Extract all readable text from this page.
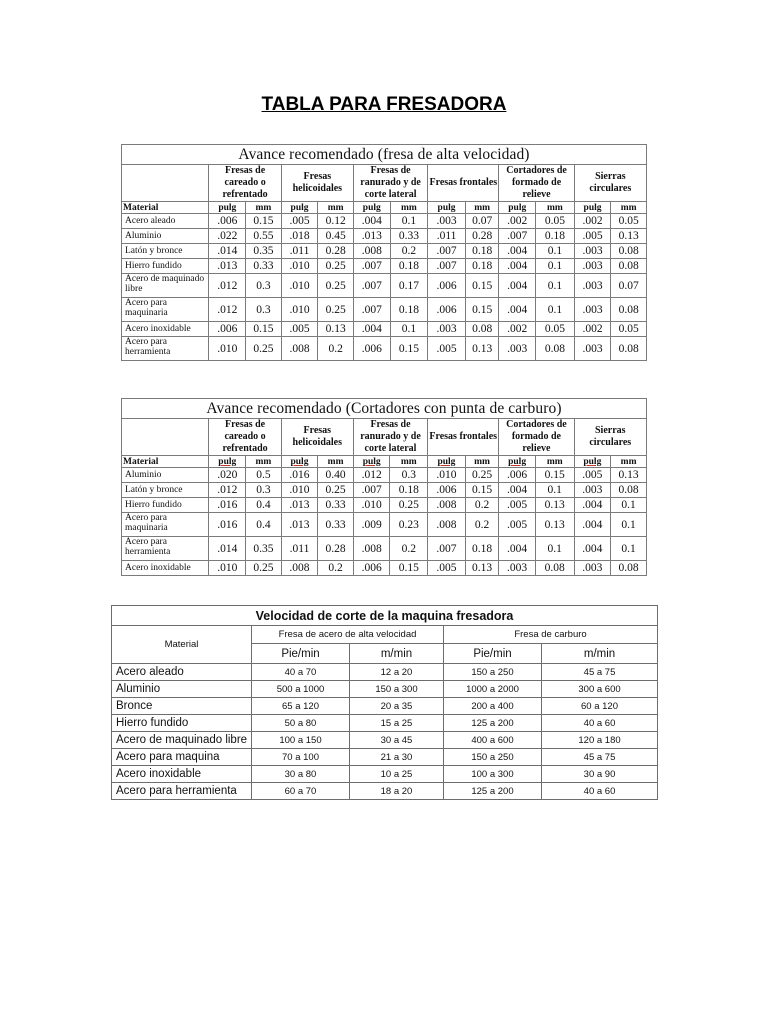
TABLA PARA FRESADORA
Avance recomendado (fresa de alta velocidad)												
	Fresas de careado o refrentado		Fresas helicoidales		Fresas de ranurado y de corte lateral		Fresas frontales		Cortadores de formado de relieve		Sierras circulares	
Material	pulg	mm	pulg	mm	pulg	mm	pulg	mm	pulg	mm	pulg	mm
Acero aleado	.006	0.15	.005	0.12	.004	0.1	.003	0.07	.002	0.05	.002	0.05
Aluminio	.022	0.55	.018	0.45	.013	0.33	.011	0.28	.007	0.18	.005	0.13
Latón y bronce	.014	0.35	.011	0.28	.008	0.2	.007	0.18	.004	0.1	.003	0.08
Hierro fundido	.013	0.33	.010	0.25	.007	0.18	.007	0.18	.004	0.1	.003	0.08
Acero de maquinado libre	.012	0.3	.010	0.25	.007	0.17	.006	0.15	.004	0.1	.003	0.07
Acero para maquinaria	.012	0.3	.010	0.25	.007	0.18	.006	0.15	.004	0.1	.003	0.08
Acero inoxidable	.006	0.15	.005	0.13	.004	0.1	.003	0.08	.002	0.05	.002	0.05
Acero para herramienta	.010	0.25	.008	0.2	.006	0.15	.005	0.13	.003	0.08	.003	0.08
Avance recomendado (Cortadores con punta de carburo)												
	Fresas de careado o refrentado		Fresas helicoidales		Fresas de ranurado y de corte lateral		Fresas frontales		Cortadores de formado de relieve		Sierras circulares	
Material	pulg	mm	pulg	mm	pulg	mm	pulg	mm	pulg	mm	pulg	mm
Aluminio	.020	0.5	.016	0.40	.012	0.3	.010	0.25	.006	0.15	.005	0.13
Latón y bronce	.012	0.3	.010	0.25	.007	0.18	.006	0.15	.004	0.1	.003	0.08
Hierro fundido	.016	0.4	.013	0.33	.010	0.25	.008	0.2	.005	0.13	.004	0.1
Acero para maquinaria	.016	0.4	.013	0.33	.009	0.23	.008	0.2	.005	0.13	.004	0.1
Acero para herramienta	.014	0.35	.011	0.28	.008	0.2	.007	0.18	.004	0.1	.004	0.1
Acero inoxidable	.010	0.25	.008	0.2	.006	0.15	.005	0.13	.003	0.08	.003	0.08
Velocidad de corte de la maquina fresadora				
Material	Fresa de acero de alta velocidad		Fresa de carburo	
	Pie/min	m/min	Pie/min	m/min
Acero aleado	40 a 70	12 a 20	150 a 250	45 a 75
Aluminio	500 a 1000	150 a 300	1000 a 2000	300 a 600
Bronce	65 a 120	20 a 35	200 a 400	60 a 120
Hierro fundido	50 a 80	15 a 25	125 a 200	40 a 60
Acero de maquinado libre	100 a 150	30 a 45	400 a 600	120 a 180
Acero para maquina	70 a 100	21 a 30	150 a 250	45 a 75
Acero inoxidable	30 a 80	10 a 25	100 a 300	30 a 90
Acero para herramienta	60 a 70	18 a 20	125 a 200	40 a 60
